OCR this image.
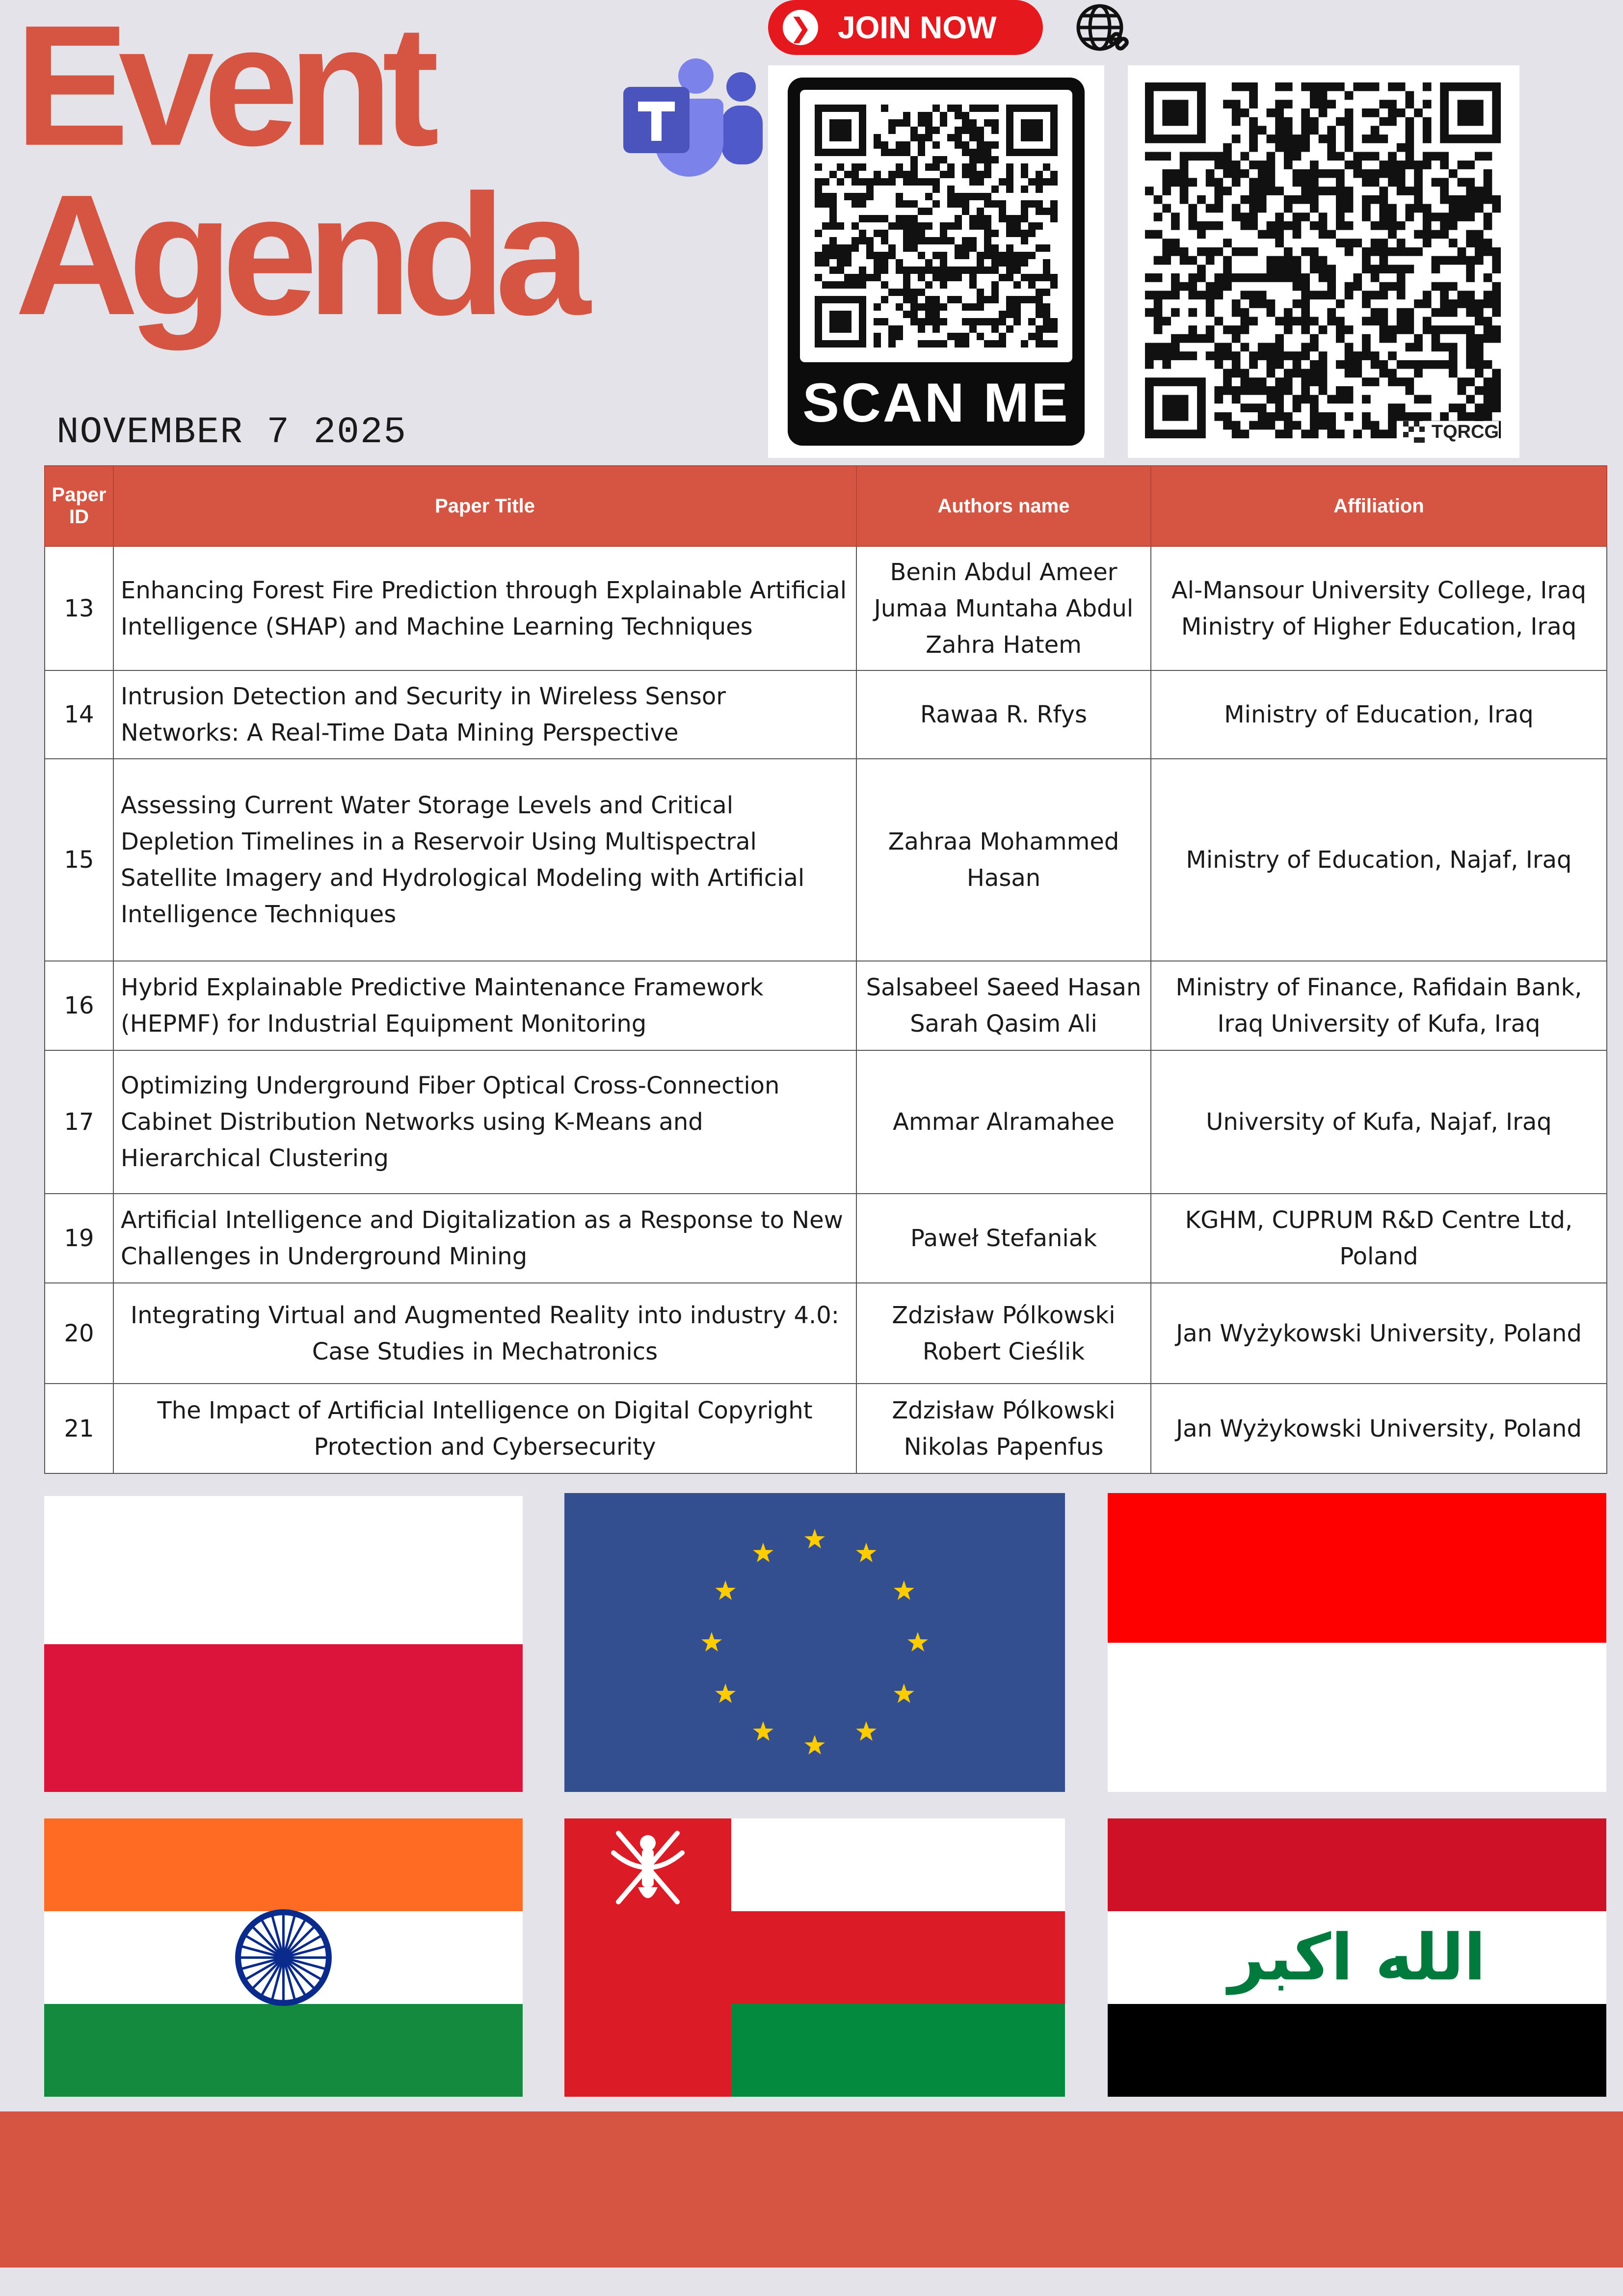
Event
Agenda
NOVEMBER 7 2025
❯ JOIN NOW
SCAN ME	TQRCG
Paper ID	Paper Title	Authors name	Affiliation
13	Enhancing Forest Fire Prediction through Explainable Artificial Intelligence (SHAP) and Machine Learning Techniques	Benin Abdul Ameer Jumaa Muntaha Abdul Zahra Hatem	Al-Mansour University College, Iraq Ministry of Higher Education, Iraq
14	Intrusion Detection and Security in Wireless Sensor Networks: A Real-Time Data Mining Perspective	Rawaa R. Rfys	Ministry of Education, Iraq
15	Assessing Current Water Storage Levels and Critical Depletion Timelines in a Reservoir Using Multispectral Satellite Imagery and Hydrological Modeling with Artificial Intelligence Techniques	Zahraa Mohammed Hasan	Ministry of Education, Najaf, Iraq
16	Hybrid Explainable Predictive Maintenance Framework (HEPMF) for Industrial Equipment Monitoring	Salsabeel Saeed Hasan Sarah Qasim Ali	Ministry of Finance, Rafidain Bank, Iraq University of Kufa, Iraq
17	Optimizing Underground Fiber Optical Cross-Connection Cabinet Distribution Networks using K-Means and Hierarchical Clustering	Ammar Alramahee	University of Kufa, Najaf, Iraq
19	Artificial Intelligence and Digitalization as a Response to New Challenges in Underground Mining	Paweł Stefaniak	KGHM, CUPRUM R&D Centre Ltd, Poland
20	Integrating Virtual and Augmented Reality into industry 4.0: Case Studies in Mechatronics	Zdzisław Pólkowski Robert Cieślik	Jan Wyżykowski University, Poland
21	The Impact of Artificial Intelligence on Digital Copyright Protection and Cybersecurity	Zdzisław Pólkowski Nikolas Papenfus	Jan Wyżykowski University, Poland
الله اكبر
